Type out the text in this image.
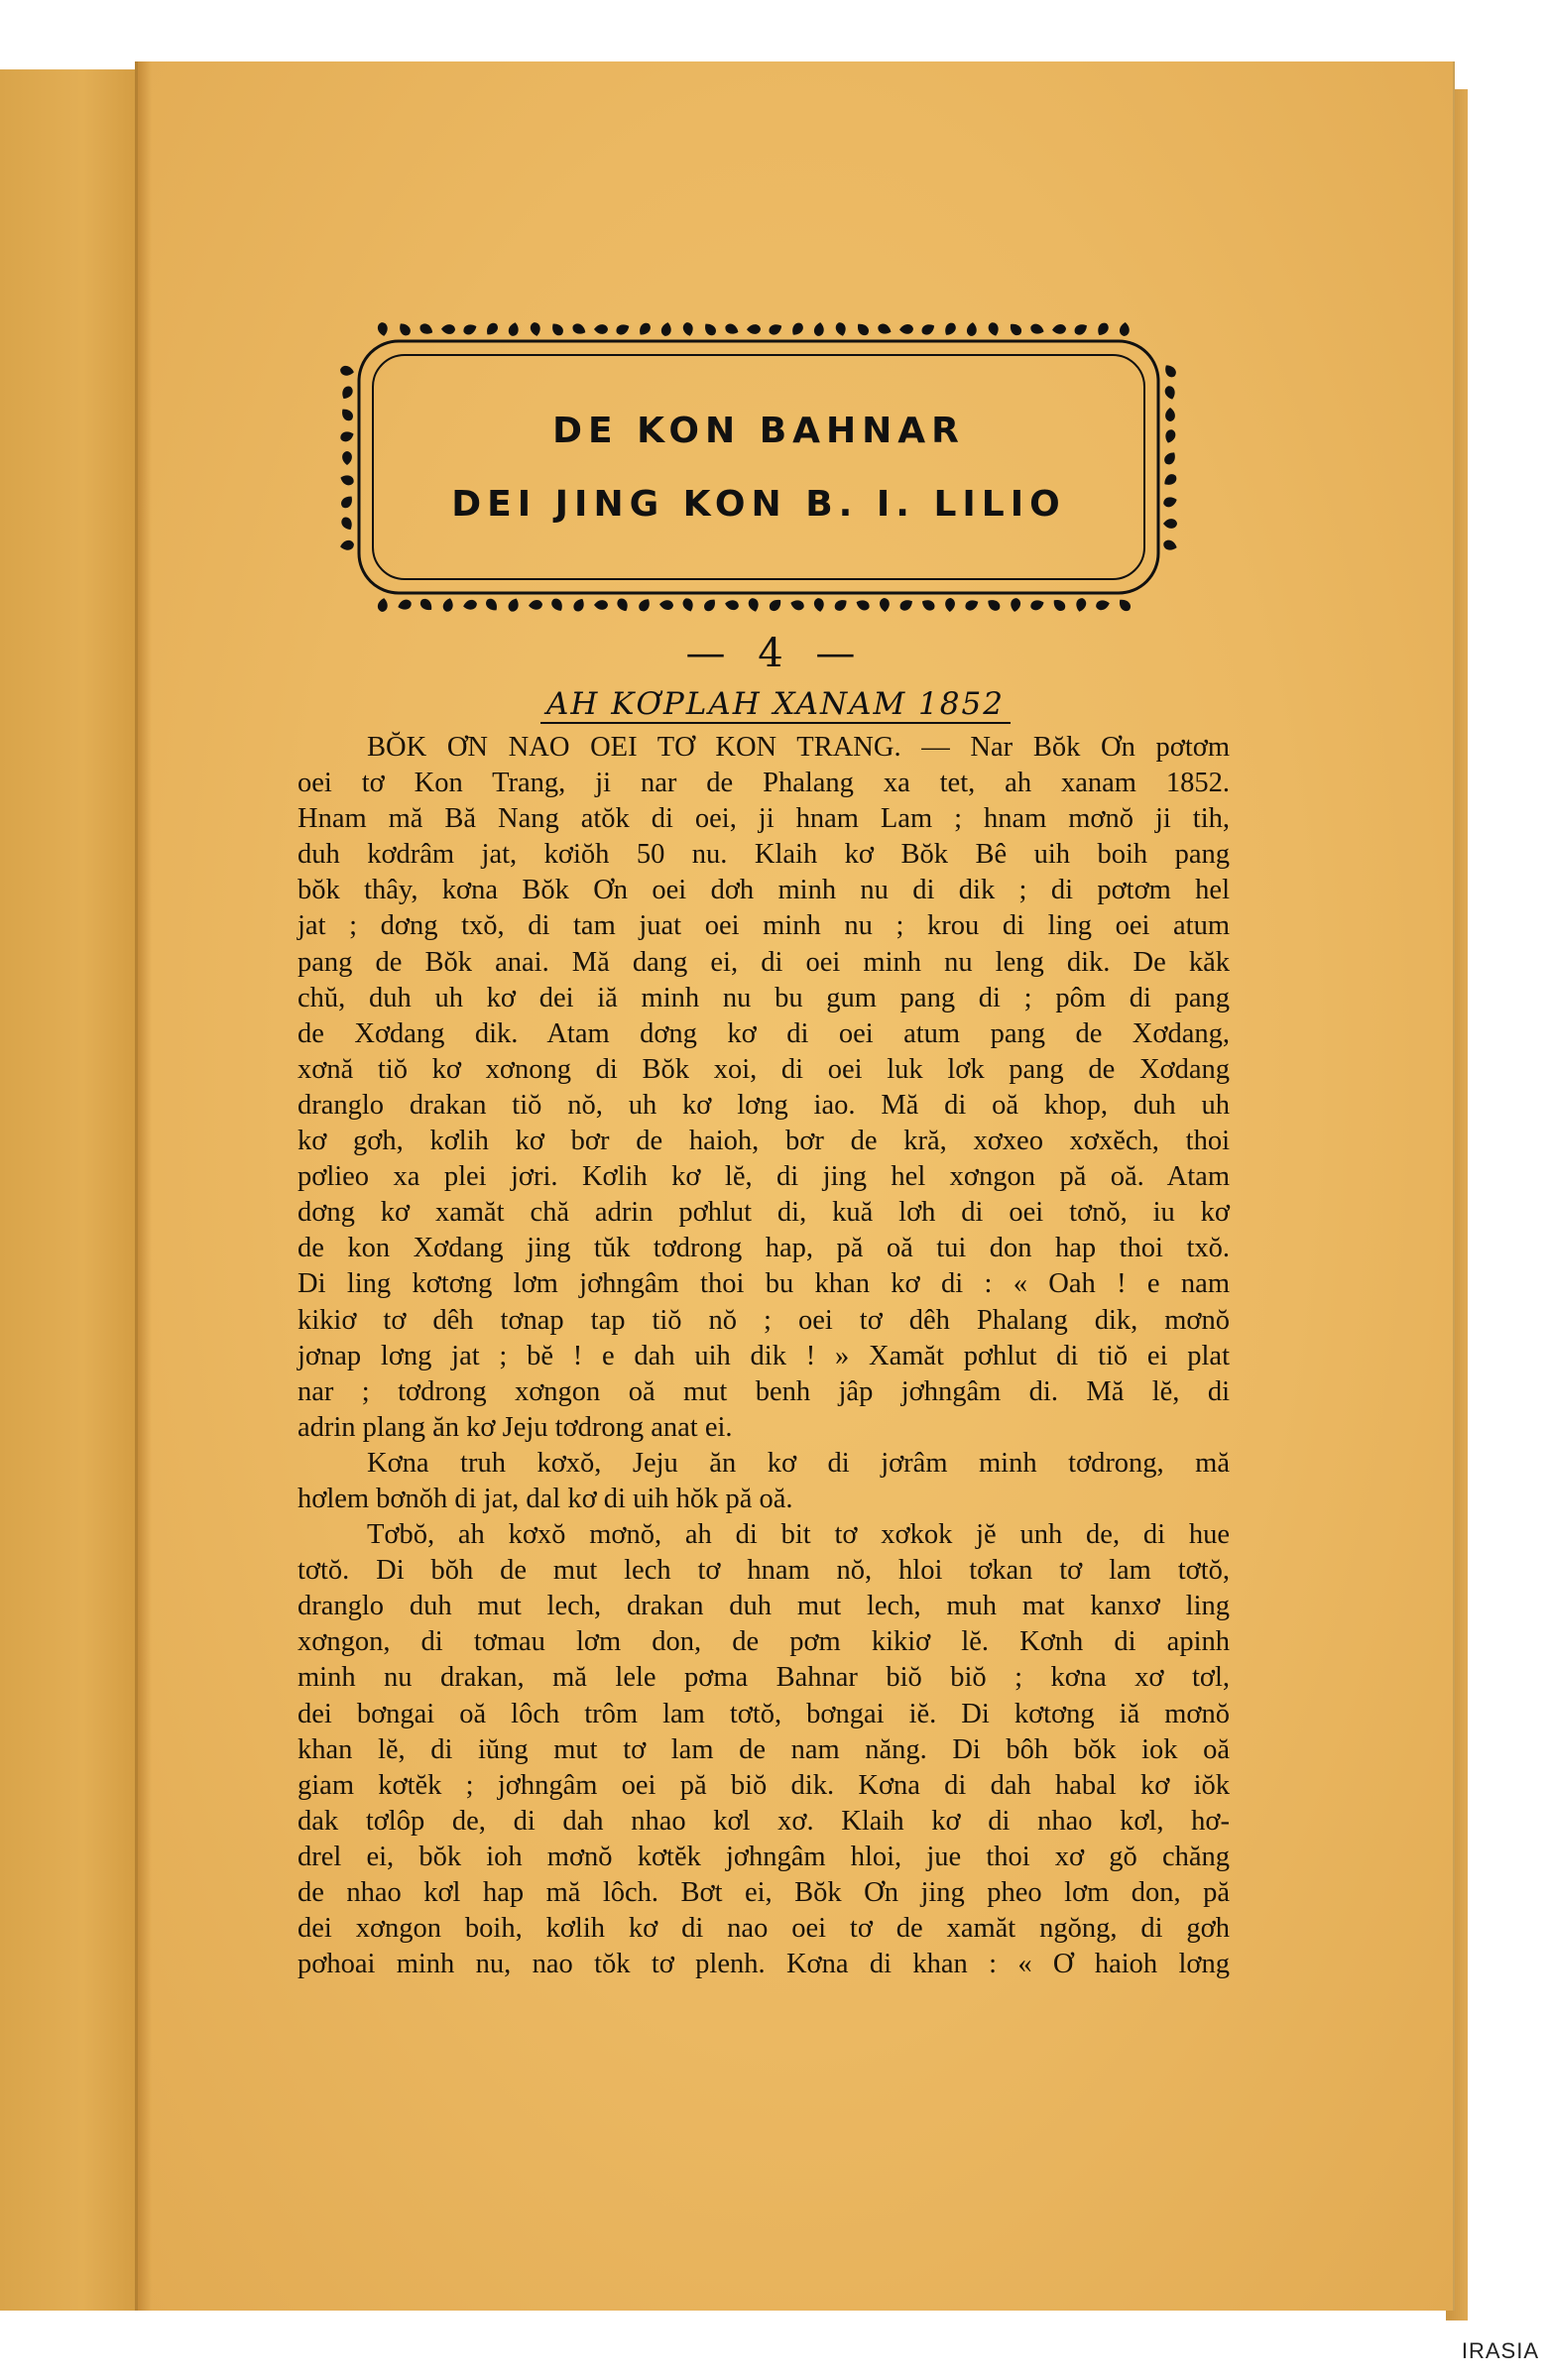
DE KON BAHNAR
DEI JING KON B. I. LILIO
— 4 —
AH KƠPLAH XANAM 1852
BŎK ƠN NAO OEI TƠ KON TRANG. — Nar Bŏk Ơn pơtơm
oei tơ Kon Trang, ji nar de Phalang xa tet, ah xanam 1852.
Hnam mă Bă Nang atŏk di oei, ji hnam Lam ; hnam mơnŏ ji tih,
duh kơdrâm jat, kơiŏh 50 nu. Klaih kơ Bŏk Bê uih boih pang
bŏk thây, kơna Bŏk Ơn oei dơh minh nu di dik ; di pơtơm hel
jat ; dơng txŏ, di tam juat oei minh nu ; krou di ling oei atum
pang de Bŏk anai. Mă dang ei, di oei minh nu leng dik. De kăk
chŭ, duh uh kơ dei iă minh nu bu gum pang di ; pôm di pang
de Xơdang dik. Atam dơng kơ di oei atum pang de Xơdang,
xơnă tiŏ kơ xơnong di Bŏk xoi, di oei luk lơk pang de Xơdang
dranglo drakan tiŏ nŏ, uh kơ lơng iao. Mă di oă khop, duh uh
kơ gơh, kơlih kơ bơr de haioh, bơr de kră, xơxeo xơxĕch, thoi
pơlieo xa plei jơri. Kơlih kơ lĕ, di jing hel xơngon pă oă. Atam
dơng kơ xamăt chă adrin pơhlut di, kuă lơh di oei tơnŏ, iu kơ
de kon Xơdang jing tŭk tơdrong hap, pă oă tui don hap thoi txŏ.
Di ling kơtơng lơm jơhngâm thoi bu khan kơ di : « Oah ! e nam
kikiơ tơ dêh tơnap tap tiŏ nŏ ; oei tơ dêh Phalang dik, mơnŏ
jơnap lơng jat ; bĕ ! e dah uih dik ! » Xamăt pơhlut di tiŏ ei plat
nar ; tơdrong xơngon oă mut benh jâp jơhngâm di. Mă lĕ, di
adrin plang ăn kơ Jeju tơdrong anat ei.
Kơna truh kơxŏ, Jeju ăn kơ di jơrâm minh tơdrong, mă
hơlem bơnŏh di jat, dal kơ di uih hŏk pă oă.
Tơbŏ, ah kơxŏ mơnŏ, ah di bit tơ xơkok jĕ unh de, di hue
tơtŏ. Di bŏh de mut lech tơ hnam nŏ, hloi tơkan tơ lam tơtŏ,
dranglo duh mut lech, drakan duh mut lech, muh mat kanxơ ling
xơngon, di tơmau lơm don, de pơm kikiơ lĕ. Kơnh di apinh
minh nu drakan, mă lele pơma Bahnar biŏ biŏ ; kơna xơ tơl,
dei bơngai oă lôch trôm lam tơtŏ, bơngai iĕ. Di kơtơng iă mơnŏ
khan lĕ, di iŭng mut tơ lam de nam năng. Di bôh bŏk iok oă
giam kơtĕk ; jơhngâm oei pă biŏ dik. Kơna di dah habal kơ iŏk
dak tơlôp de, di dah nhao kơl xơ. Klaih kơ di nhao kơl, hơ-
drel ei, bŏk ioh mơnŏ kơtĕk jơhngâm hloi, jue thoi xơ gŏ chăng
de nhao kơl hap mă lôch. Bơt ei, Bŏk Ơn jing pheo lơm don, pă
dei xơngon boih, kơlih kơ di nao oei tơ de xamăt ngŏng, di gơh
pơhoai minh nu, nao tŏk tơ plenh. Kơna di khan : « Ơ haioh lơng
IRASIA
